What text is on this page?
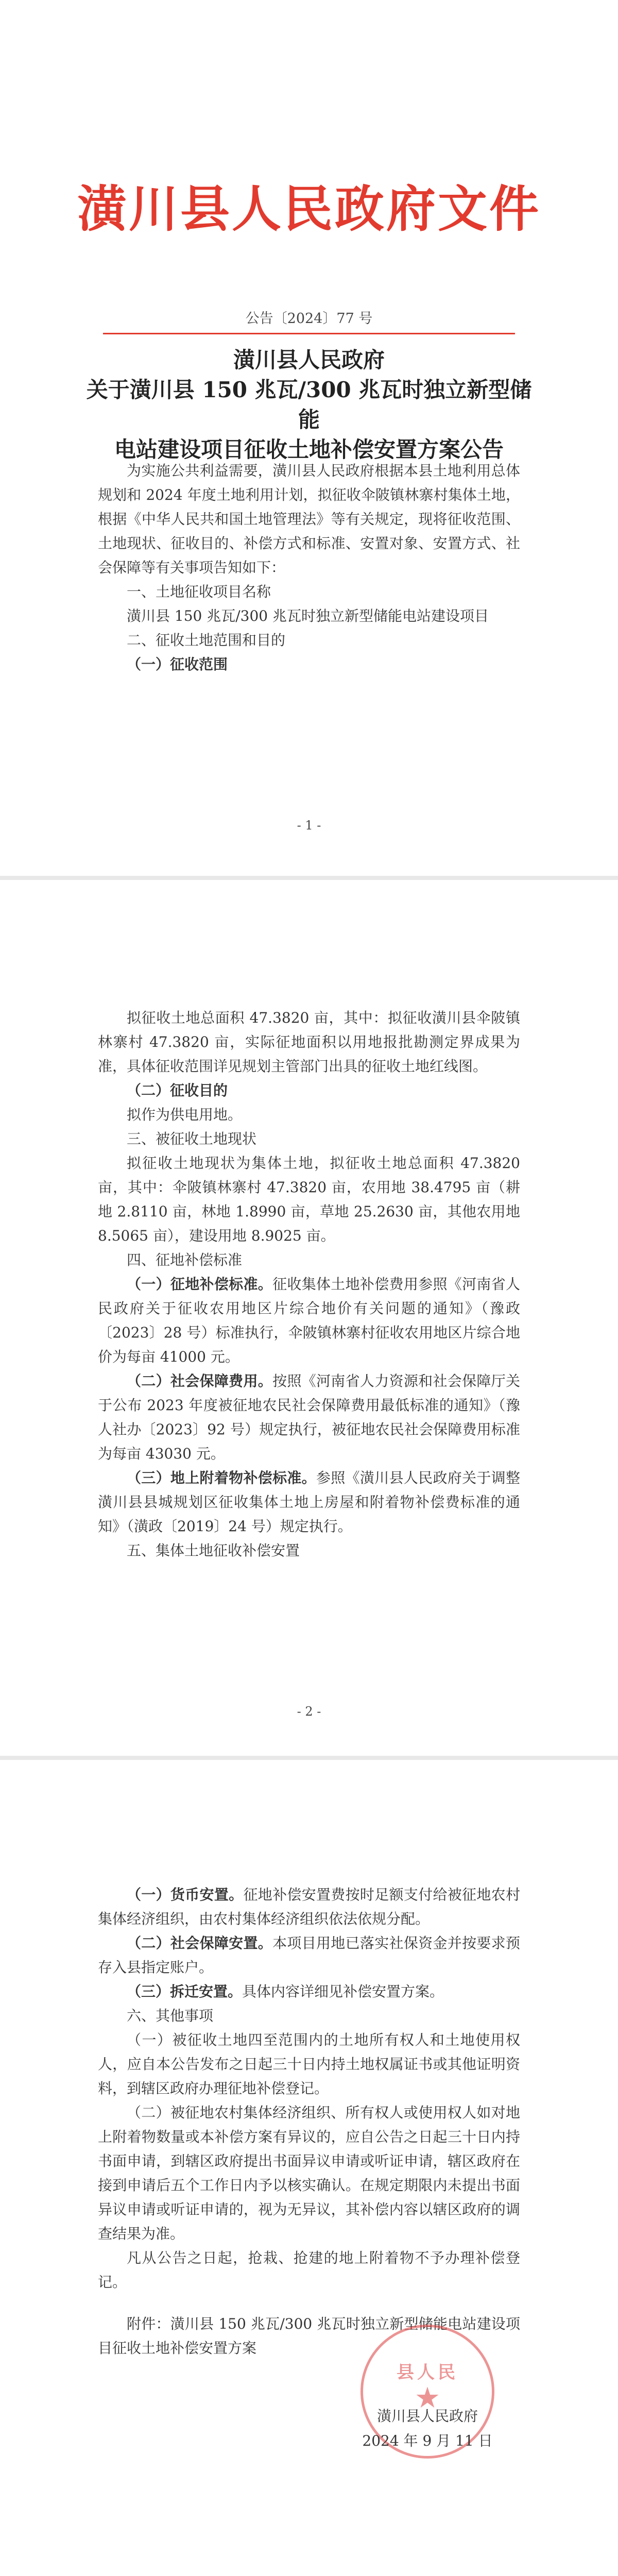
潢川县人民政府文件
公告〔2024〕77 号
潢川县人民政府
关于潢川县 150 兆瓦/300 兆瓦时独立新型储能
电站建设项目征收土地补偿安置方案公告

为实施公共利益需要，潢川县人民政府根据本县土地利用总体规划和 2024 年度土地利用计划，拟征收伞陂镇林寨村集体土地，根据《中华人民共和国土地管理法》等有关规定，现将征收范围、土地现状、征收目的、补偿方式和标准、安置对象、安置方式、社会保障等有关事项告知如下：

一、土地征收项目名称

潢川县 150 兆瓦/300 兆瓦时独立新型储能电站建设项目

二、征收土地范围和目的

（一）征收范围

- 1 -

拟征收土地总面积 47.3820 亩，其中：拟征收潢川县伞陂镇林寨村 47.3820 亩，实际征地面积以用地报批勘测定界成果为准，具体征收范围详见规划主管部门出具的征收土地红线图。

（二）征收目的

拟作为供电用地。

三、被征收土地现状

拟征收土地现状为集体土地，拟征收土地总面积 47.3820 亩，其中：伞陂镇林寨村 47.3820 亩，农用地 38.4795 亩（耕地 2.8110 亩，林地 1.8990 亩，草地 25.2630 亩，其他农用地 8.5065 亩），建设用地 8.9025 亩。

四、征地补偿标准

（一）征地补偿标准。征收集体土地补偿费用参照《河南省人民政府关于征收农用地区片综合地价有关问题的通知》（豫政〔2023〕28 号）标准执行，伞陂镇林寨村征收农用地区片综合地价为每亩 41000 元。

（二）社会保障费用。按照《河南省人力资源和社会保障厅关于公布 2023 年度被征地农民社会保障费用最低标准的通知》（豫人社办〔2023〕92 号）规定执行，被征地农民社会保障费用标准为每亩 43030 元。

（三）地上附着物补偿标准。参照《潢川县人民政府关于调整潢川县县城规划区征收集体土地上房屋和附着物补偿费标准的通知》（潢政〔2019〕24 号）规定执行。

五、集体土地征收补偿安置

- 2 -

（一）货币安置。征地补偿安置费按时足额支付给被征地农村集体经济组织，由农村集体经济组织依法依规分配。

（二）社会保障安置。本项目用地已落实社保资金并按要求预存入县指定账户。

（三）拆迁安置。具体内容详细见补偿安置方案。

六、其他事项

（一）被征收土地四至范围内的土地所有权人和土地使用权人，应自本公告发布之日起三十日内持土地权属证书或其他证明资料，到辖区政府办理征地补偿登记。

（二）被征地农村集体经济组织、所有权人或使用权人如对地上附着物数量或本补偿方案有异议的，应自公告之日起三十日内持书面申请，到辖区政府提出书面异议申请或听证申请，辖区政府在接到申请后五个工作日内予以核实确认。在规定期限内未提出书面异议申请或听证申请的，视为无异议，其补偿内容以辖区政府的调查结果为准。

凡从公告之日起，抢栽、抢建的地上附着物不予办理补偿登记。

附件：潢川县 150 兆瓦/300 兆瓦时独立新型储能电站建设项目征收土地补偿安置方案

县人民
★
潢川县人民政府
2024 年 9 月 11 日
